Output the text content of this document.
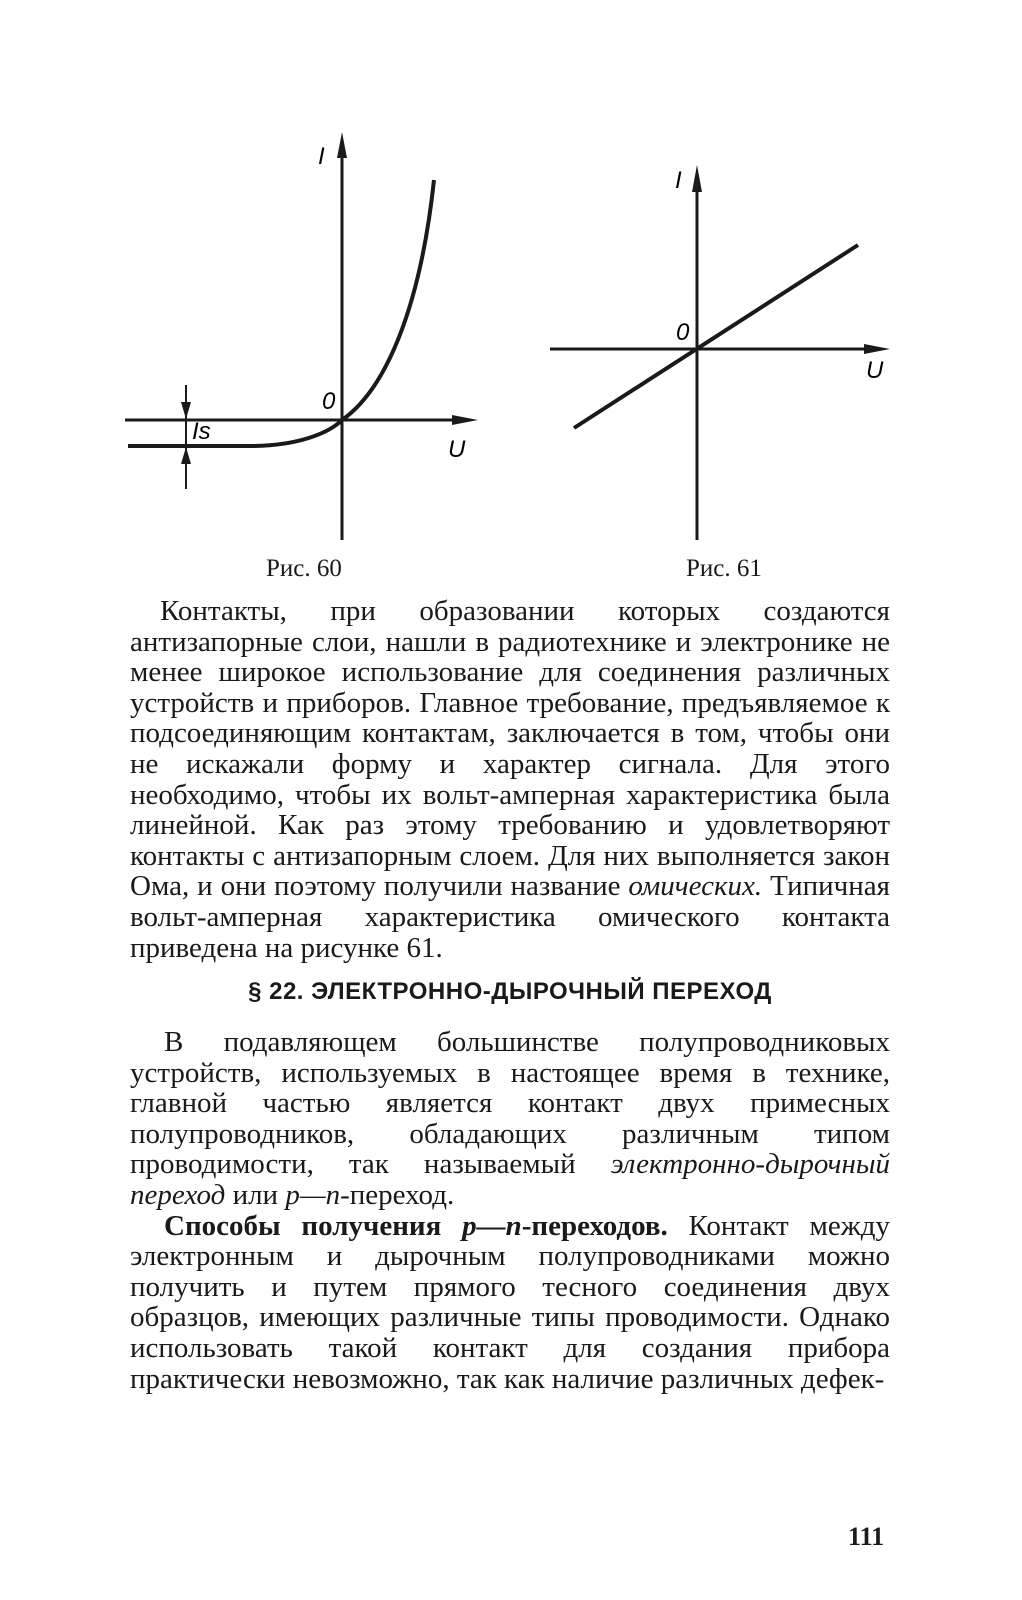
I
U
0
Is
I
U
0
Рис. 60	Рис. 61

Контакты, при образовании которых создаются антизапорные слои, нашли в радиотехнике и электронике не менее широкое использование для соединения различных устройств и приборов. Главное требование, предъявляемое к подсоединяющим контактам, заключается в том, чтобы они не искажали форму и характер сигнала. Для этого необходимо, чтобы их вольт-амперная характеристика была линейной. Как раз этому требованию и удовлетворяют контакты с антизапорным слоем. Для них выполняется закон Ома, и они поэтому получили название омических. Типичная вольт-амперная характеристика омического контакта приведена на рисунке 61.

§ 22. ЭЛЕКТРОННО-ДЫРОЧНЫЙ ПЕРЕХОД

В подавляющем большинстве полупроводниковых устройств, используемых в настоящее время в технике, главной частью является контакт двух примесных полупроводников, обладающих различным типом проводимости, так называемый электронно-дырочный переход или p—n-переход.

Способы получения p—n-переходов. Контакт между электронным и дырочным полупроводниками можно получить и путем прямого тесного соединения двух образцов, имеющих различные типы проводимости. Однако использовать такой контакт для создания прибора практически невозможно, так как наличие различных дефек-

111
